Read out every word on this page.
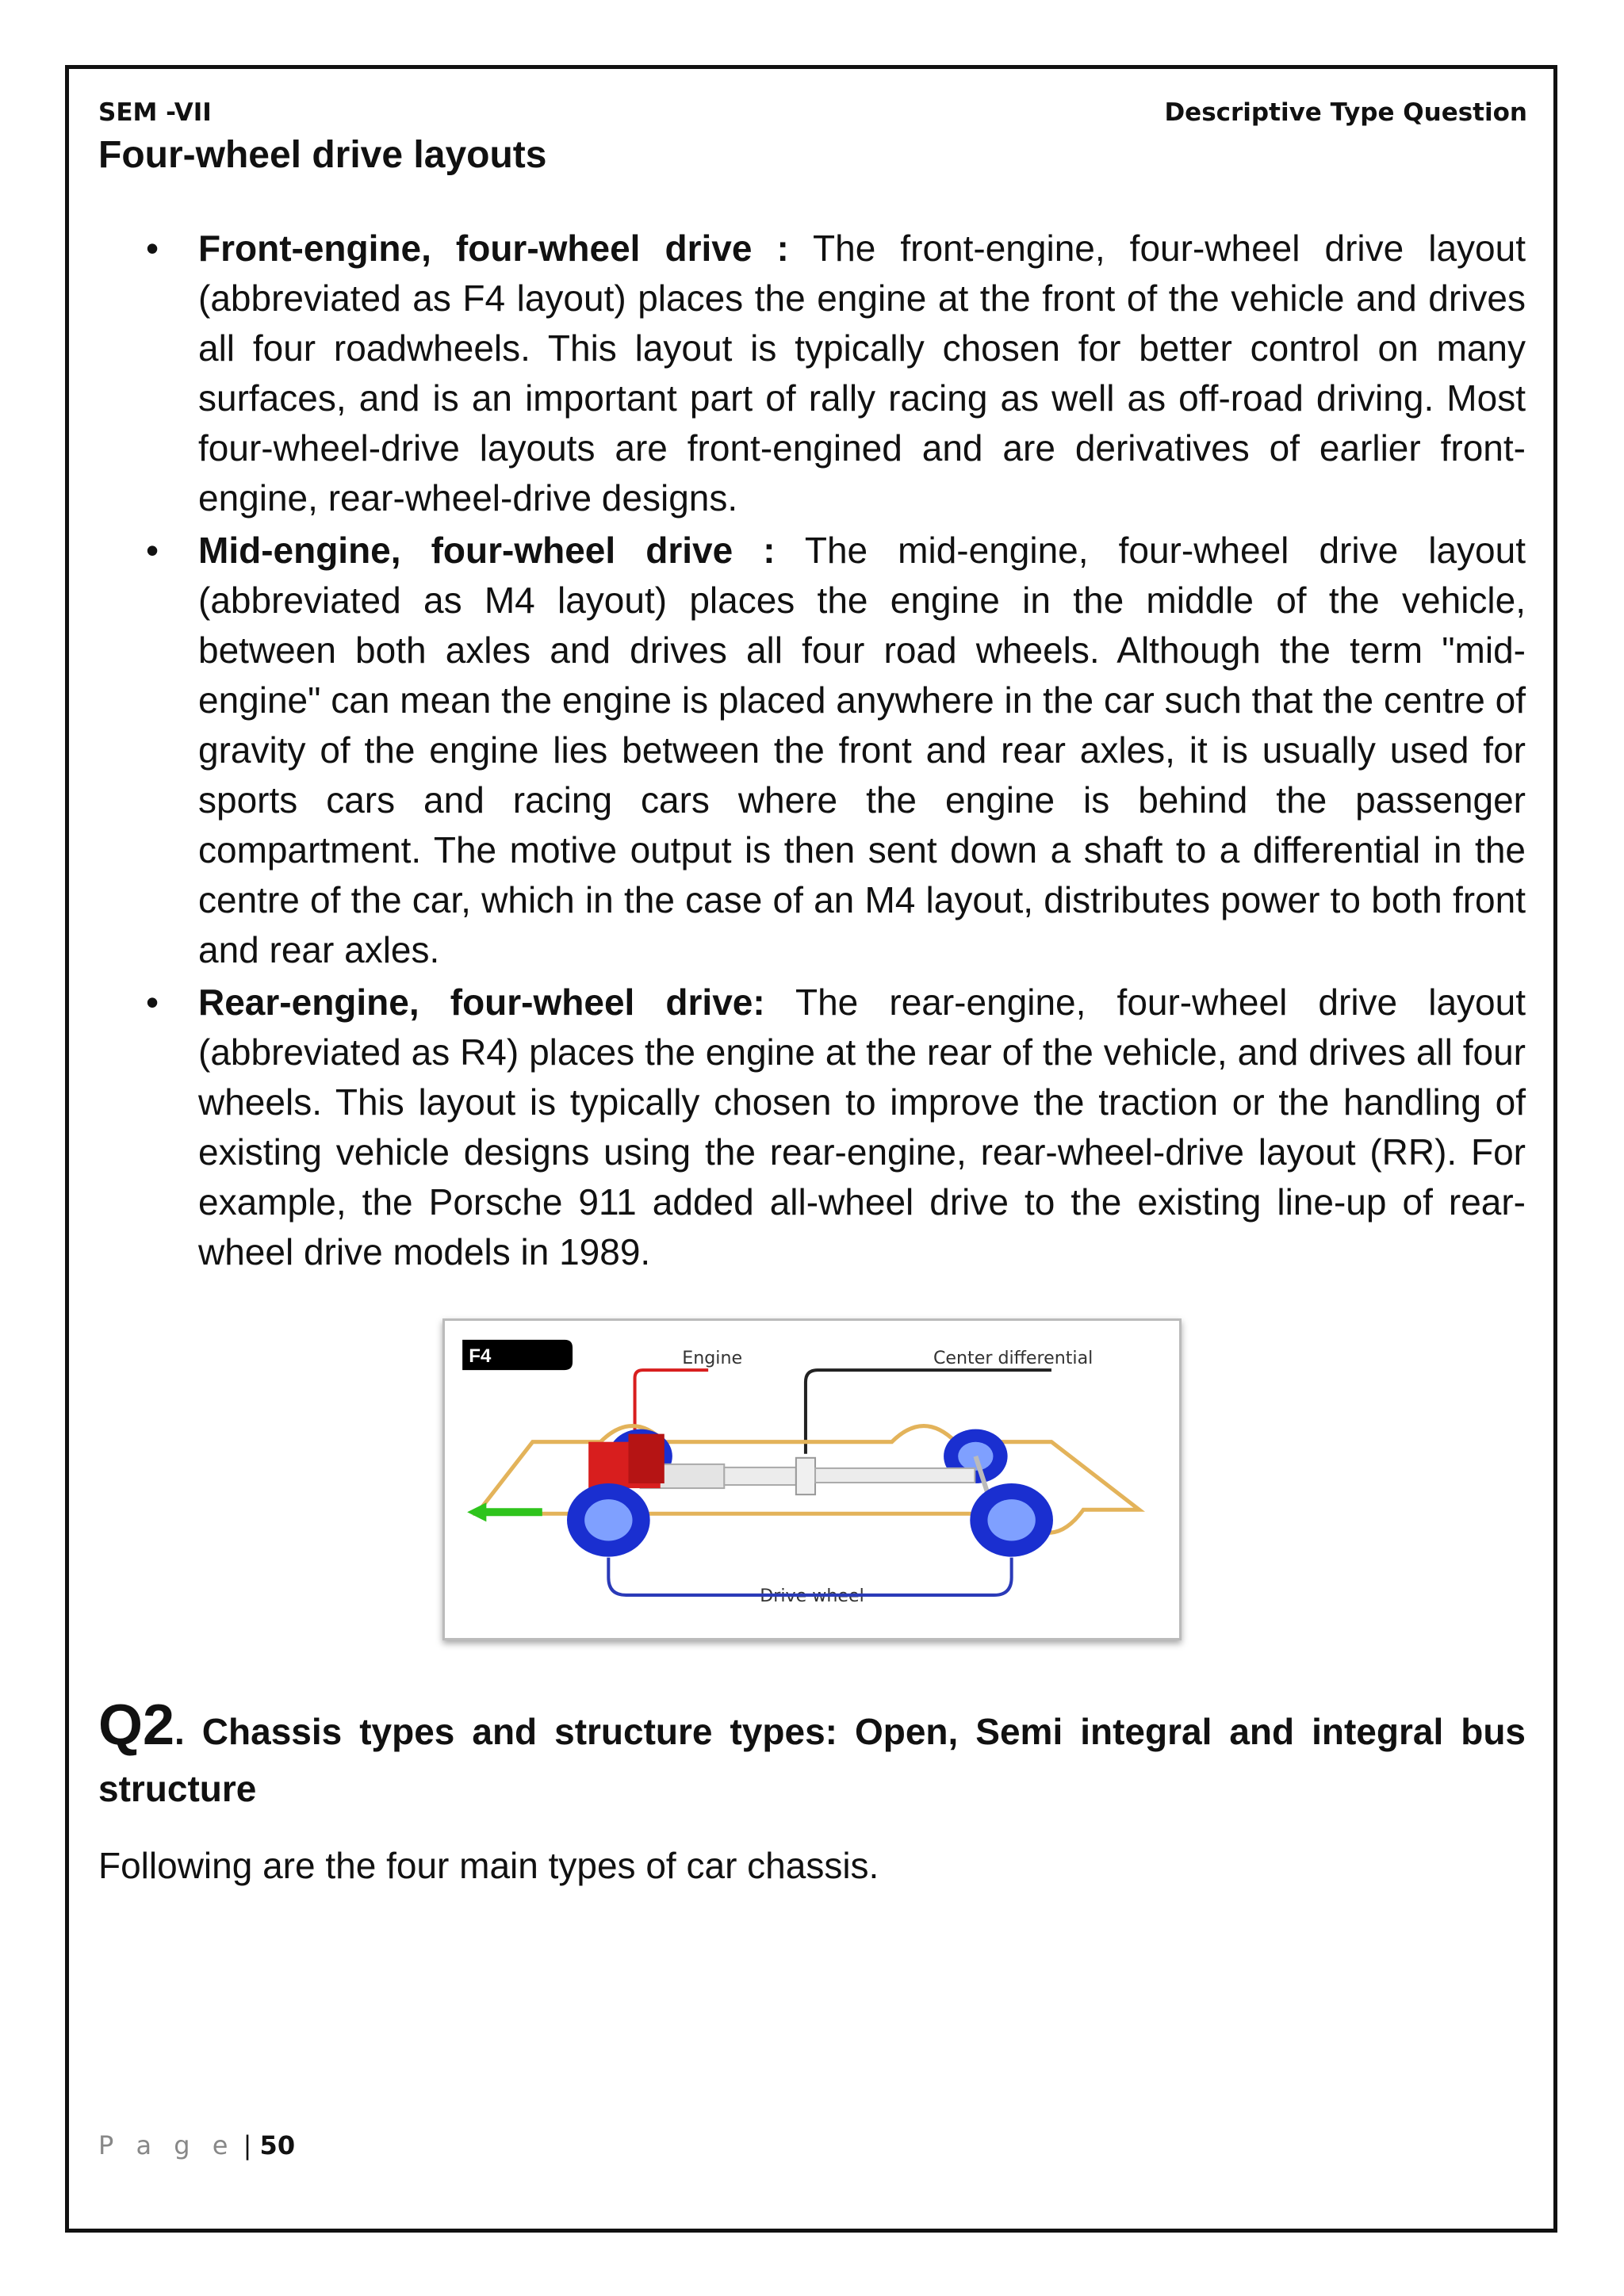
SEM -VII	Descriptive Type Question
Four-wheel drive layouts
• Front-engine, four-wheel drive : The front-engine, four-wheel drive layout (abbreviated as F4 layout) places the engine at the front of the vehicle and drives all four roadwheels. This layout is typically chosen for better control on many surfaces, and is an important part of rally racing as well as off-road driving. Most four-wheel-drive layouts are front-engined and are derivatives of earlier front-engine, rear-wheel-drive designs.
• Mid-engine, four-wheel drive : The mid-engine, four-wheel drive layout (abbreviated as M4 layout) places the engine in the middle of the vehicle, between both axles and drives all four road wheels. Although the term "mid-engine" can mean the engine is placed anywhere in the car such that the centre of gravity of the engine lies between the front and rear axles, it is usually used for sports cars and racing cars where the engine is behind the passenger compartment. The motive output is then sent down a shaft to a differential in the centre of the car, which in the case of an M4 layout, distributes power to both front and rear axles.
• Rear-engine, four-wheel drive: The rear-engine, four-wheel drive layout (abbreviated as R4) places the engine at the rear of the vehicle, and drives all four wheels. This layout is typically chosen to improve the traction or the handling of existing vehicle designs using the rear-engine, rear-wheel-drive layout (RR). For example, the Porsche 911 added all-wheel drive to the existing line-up of rear-wheel drive models in 1989.
F4	Engine	Center differential
Drive wheel
Q2. Chassis types and structure types: Open, Semi integral and integral bus structure

Following are the four main types of car chassis.

P a g e | 50
